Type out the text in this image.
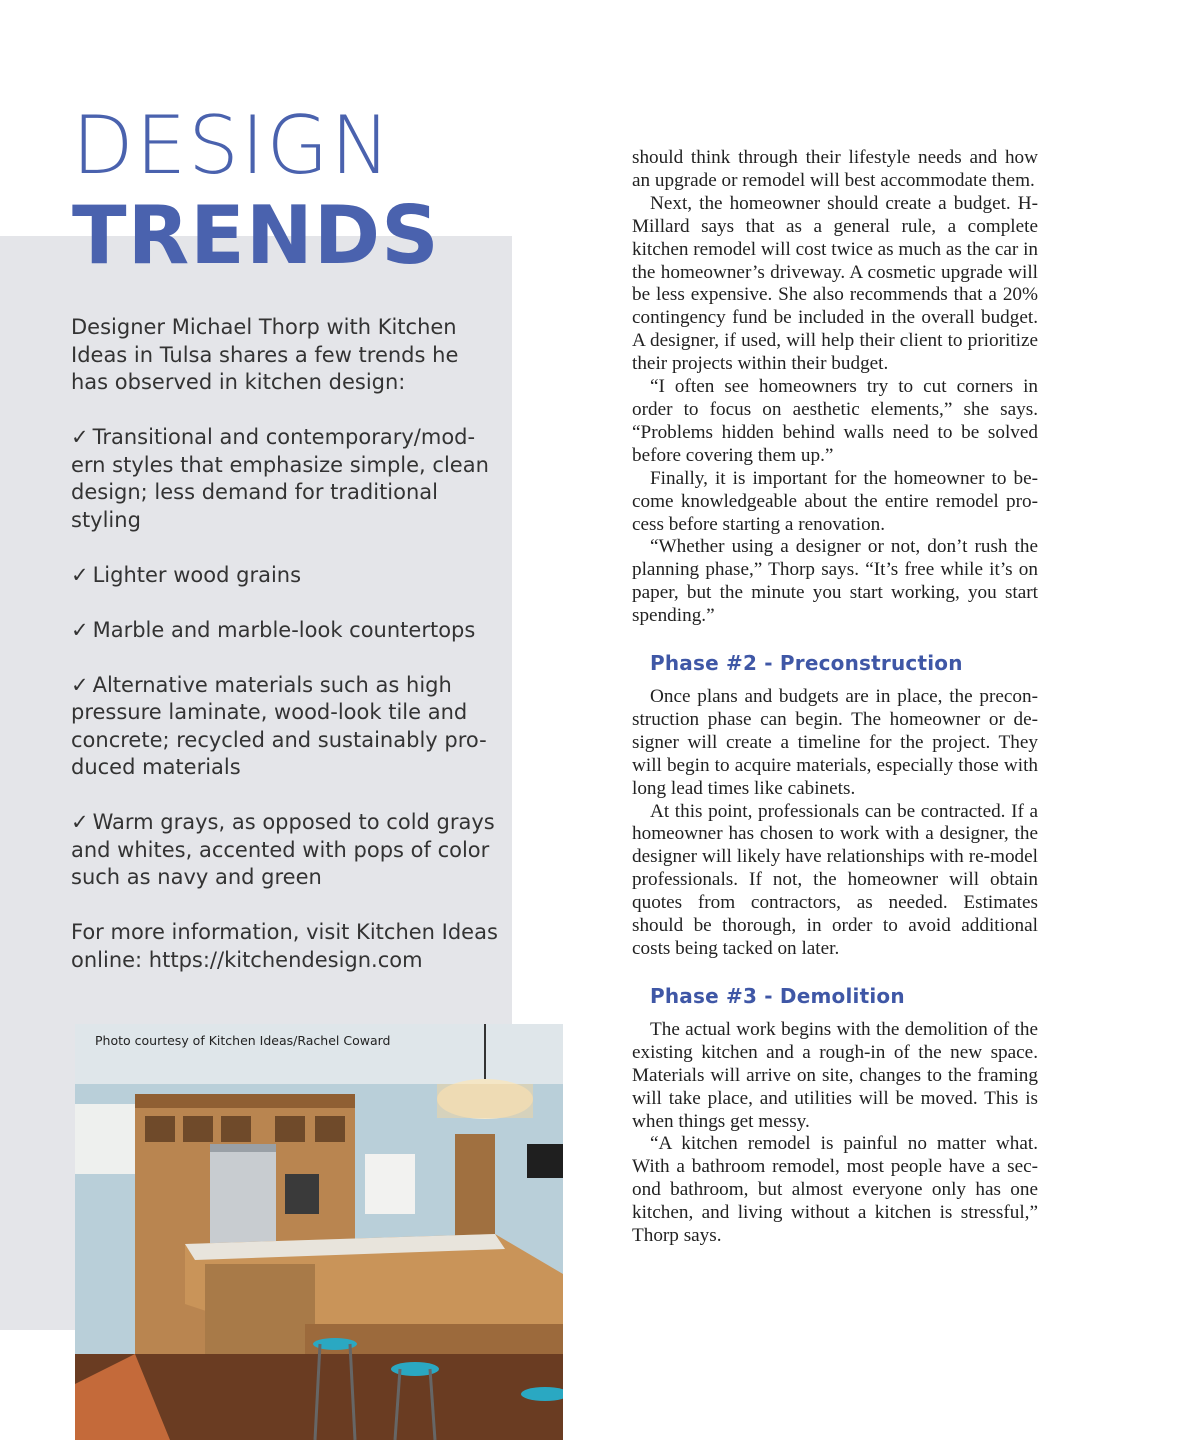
DESIGN
TRENDS

Designer Michael Thorp with Kitchen Ideas in Tulsa shares a few trends he has observed in kitchen design:

✓ Transitional and contemporary/mod-ern styles that emphasize simple, clean design; less demand for traditional styling

✓ Lighter wood grains

✓ Marble and marble-look countertops

✓ Alternative materials such as high pressure laminate, wood-look tile and concrete; recycled and sustainably pro-duced materials

✓ Warm grays, as opposed to cold grays and whites, accented with pops of color such as navy and green

For more information, visit Kitchen Ideas online: https://kitchendesign.com

Photo courtesy of Kitchen Ideas/Rachel Coward

should think through their lifestyle needs and how an upgrade or remodel will best accommodate them.

Next, the homeowner should create a budget. H-Millard says that as a general rule, a complete kitchen remodel will cost twice as much as the car in the homeowner’s driveway. A cosmetic upgrade will be less expensive. She also recommends that a 20% contingency fund be included in the overall budget. A designer, if used, will help their client to prioritize their projects within their budget.

“I often see homeowners try to cut corners in order to focus on aesthetic elements,” she says. “Problems hidden behind walls need to be solved before covering them up.”

Finally, it is important for the homeowner to be-come knowledgeable about the entire remodel pro-cess before starting a renovation.

“Whether using a designer or not, don’t rush the planning phase,” Thorp says. “It’s free while it’s on paper, but the minute you start working, you start spending.”

Phase #2 - Preconstruction

Once plans and budgets are in place, the precon-struction phase can begin. The homeowner or de-signer will create a timeline for the project. They will begin to acquire materials, especially those with long lead times like cabinets.

At this point, professionals can be contracted. If a homeowner has chosen to work with a designer, the designer will likely have relationships with re-model professionals. If not, the homeowner will obtain quotes from contractors, as needed. Estimates should be thorough, in order to avoid additional costs being tacked on later.

Phase #3 - Demolition

The actual work begins with the demolition of the existing kitchen and a rough-in of the new space. Materials will arrive on site, changes to the framing will take place, and utilities will be moved. This is when things get messy.

“A kitchen remodel is painful no matter what. With a bathroom remodel, most people have a sec-ond bathroom, but almost everyone only has one kitchen, and living without a kitchen is stressful,” Thorp says.
